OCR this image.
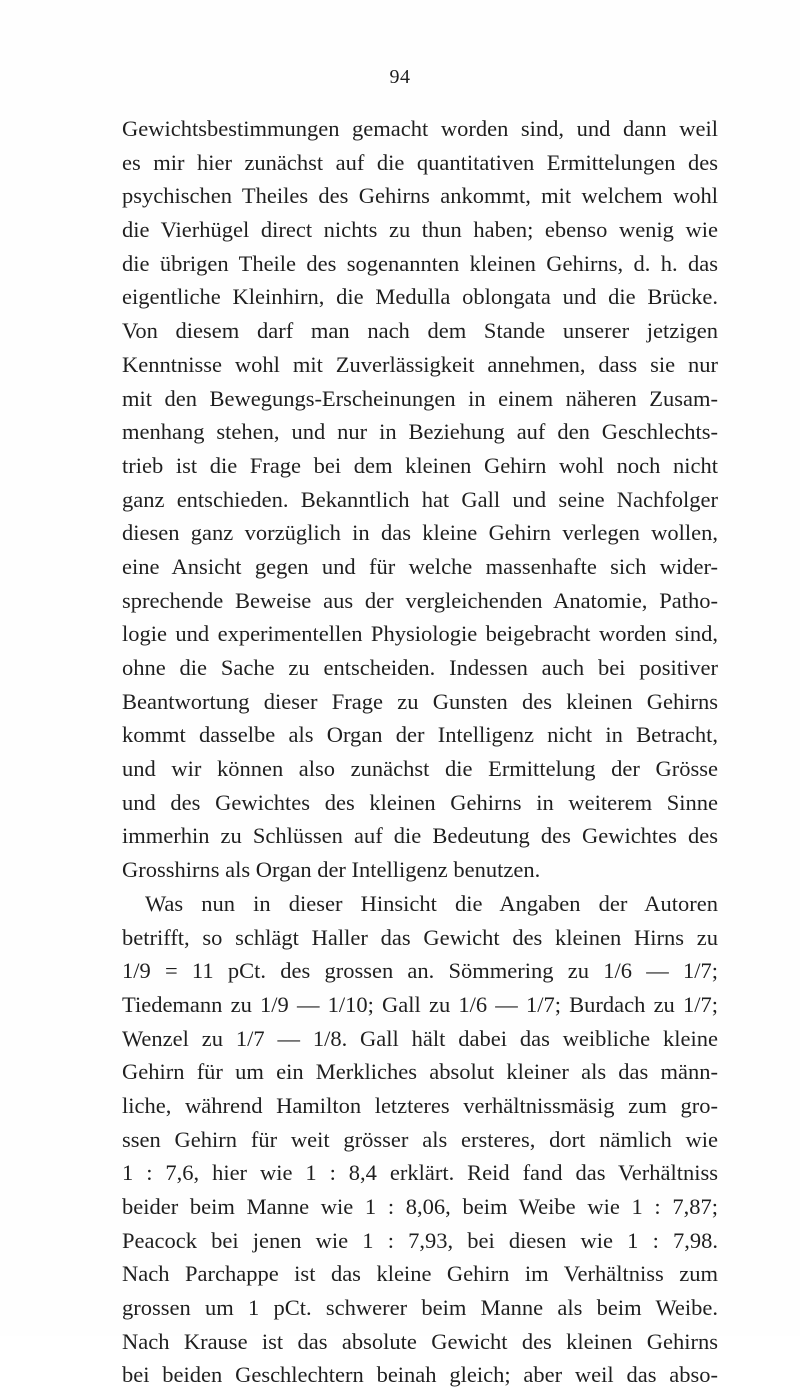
94
Gewichtsbestimmungen gemacht worden sind, und dann weil
es mir hier zunächst auf die quantitativen Ermittelungen des
psychischen Theiles des Gehirns ankommt, mit welchem wohl
die Vierhügel direct nichts zu thun haben; ebenso wenig wie
die übrigen Theile des sogenannten kleinen Gehirns, d. h. das
eigentliche Kleinhirn, die Medulla oblongata und die Brücke.
Von diesem darf man nach dem Stande unserer jetzigen
Kenntnisse wohl mit Zuverlässigkeit annehmen, dass sie nur
mit den Bewegungs-Erscheinungen in einem näheren Zusam-
menhang stehen, und nur in Beziehung auf den Geschlechts-
trieb ist die Frage bei dem kleinen Gehirn wohl noch nicht
ganz entschieden. Bekanntlich hat Gall und seine Nachfolger
diesen ganz vorzüglich in das kleine Gehirn verlegen wollen,
eine Ansicht gegen und für welche massenhafte sich wider-
sprechende Beweise aus der vergleichenden Anatomie, Patho-
logie und experimentellen Physiologie beigebracht worden sind,
ohne die Sache zu entscheiden. Indessen auch bei positiver
Beantwortung dieser Frage zu Gunsten des kleinen Gehirns
kommt dasselbe als Organ der Intelligenz nicht in Betracht,
und wir können also zunächst die Ermittelung der Grösse
und des Gewichtes des kleinen Gehirns in weiterem Sinne
immerhin zu Schlüssen auf die Bedeutung des Gewichtes des
Grosshirns als Organ der Intelligenz benutzen.
Was nun in dieser Hinsicht die Angaben der Autoren
betrifft, so schlägt Haller das Gewicht des kleinen Hirns zu
1/9 = 11 pCt. des grossen an. Sömmering zu 1/6 — 1/7;
Tiedemann zu 1/9 — 1/10; Gall zu 1/6 — 1/7; Burdach zu 1/7;
Wenzel zu 1/7 — 1/8. Gall hält dabei das weibliche kleine
Gehirn für um ein Merkliches absolut kleiner als das männ-
liche, während Hamilton letzteres verhältnissmäsig zum gro-
ssen Gehirn für weit grösser als ersteres, dort nämlich wie
1 : 7,6, hier wie 1 : 8,4 erklärt. Reid fand das Verhältniss
beider beim Manne wie 1 : 8,06, beim Weibe wie 1 : 7,87;
Peacock bei jenen wie 1 : 7,93, bei diesen wie 1 : 7,98.
Nach Parchappe ist das kleine Gehirn im Verhältniss zum
grossen um 1 pCt. schwerer beim Manne als beim Weibe.
Nach Krause ist das absolute Gewicht des kleinen Gehirns
bei beiden Geschlechtern beinah gleich; aber weil das abso-
